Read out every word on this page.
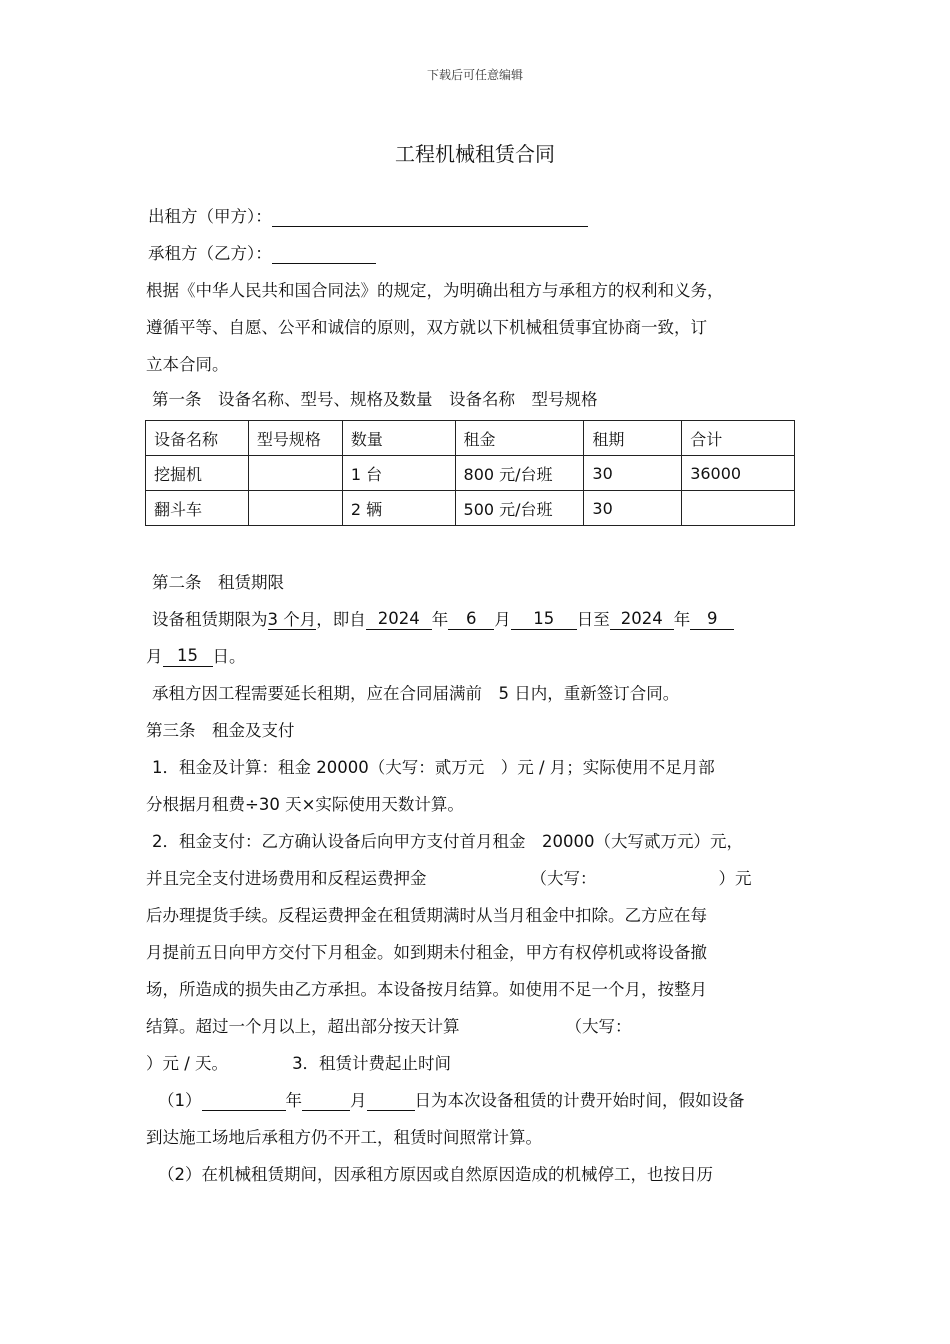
下载后可任意编辑
工程机械租赁合同
出租方（甲方）：
承租方（乙方）：
根据《中华人民共和国合同法》的规定，为明确出租方与承租方的权利和义务，
遵循平等、自愿、公平和诚信的原则，双方就以下机械租赁事宜协商一致，订
立本合同。
第一条　设备名称、型号、规格及数量　设备名称　型号规格
设备名称	型号规格	数量	租金	租期	合计
挖掘机		1 台	800 元/台班	30	36000
翻斗车		2 辆	500 元/台班	30	
第二条　租赁期限
设备租赁期限为3 个月，即自 2024 年 6 月 15 日至 2024 年 9
月 15 日。
承租方因工程需要延长租期，应在合同届满前　5 日内，重新签订合同。
第三条　租金及支付
1．租金及计算：租金 20000（大写：贰万元　）元 / 月；实际使用不足月部
分根据月租费÷30 天×实际使用天数计算。
2．租金支付：乙方确认设备后向甲方支付首月租金　20000（大写贰万元）元，
并且完全支付进场费用和反程运费押金	（大写：	）元
后办理提货手续。反程运费押金在租赁期满时从当月租金中扣除。乙方应在每
月提前五日向甲方交付下月租金。如到期未付租金，甲方有权停机或将设备撤
场，所造成的损失由乙方承担。本设备按月结算。如使用不足一个月，按整月
结算。超过一个月以上，超出部分按天计算	（大写：
）元 / 天。	3．租赁计费起止时间
（1）	年	月	日为本次设备租赁的计费开始时间，假如设备
到达施工场地后承租方仍不开工，租赁时间照常计算。
（2）在机械租赁期间，因承租方原因或自然原因造成的机械停工，也按日历
